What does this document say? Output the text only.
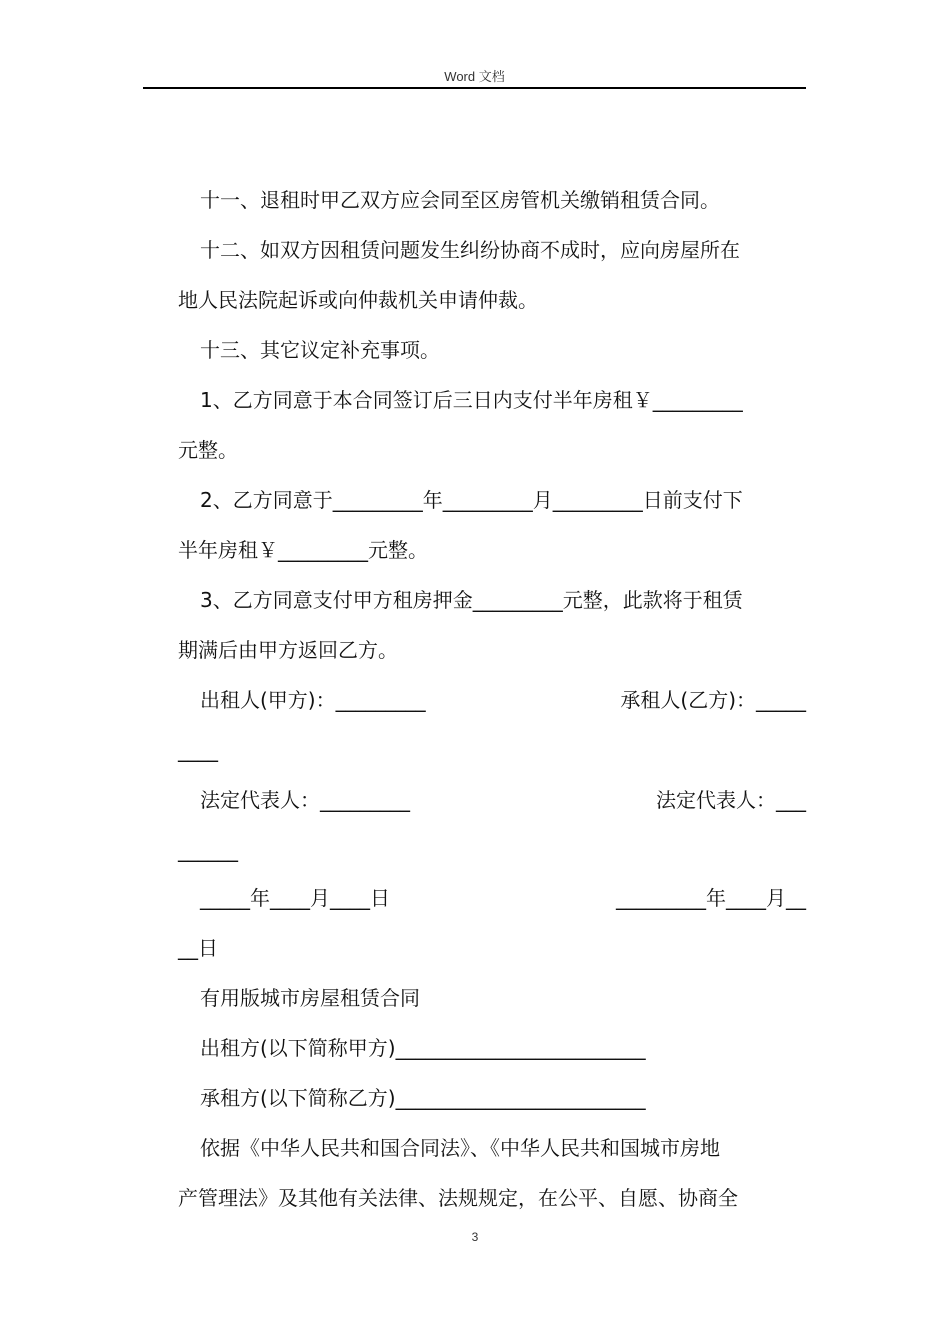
Word 文档
十一、退租时甲乙双方应会同至区房管机关缴销租赁合同。
十二、如双方因租赁问题发生纠纷协商不成时，应向房屋所在
地人民法院起诉或向仲裁机关申请仲裁。
十三、其它议定补充事项。
1、乙方同意于本合同签订后三日内支付半年房租￥_________
元整。
2、乙方同意于_________年_________月_________日前支付下
半年房租￥_________元整。
3、乙方同意支付甲方租房押金_________元整，此款将于租赁
期满后由甲方返回乙方。
出租人(甲方)：_________	承租人(乙方)：_____
____
法定代表人：_________	法定代表人：___
______
_____年____月____日	_________年____月__
__日
有用版城市房屋租赁合同
出租方(以下简称甲方)_________________________
承租方(以下简称乙方)_________________________
依据《中华人民共和国合同法》、《中华人民共和国城市房地
产管理法》及其他有关法律、法规规定，在公平、自愿、协商全
3
